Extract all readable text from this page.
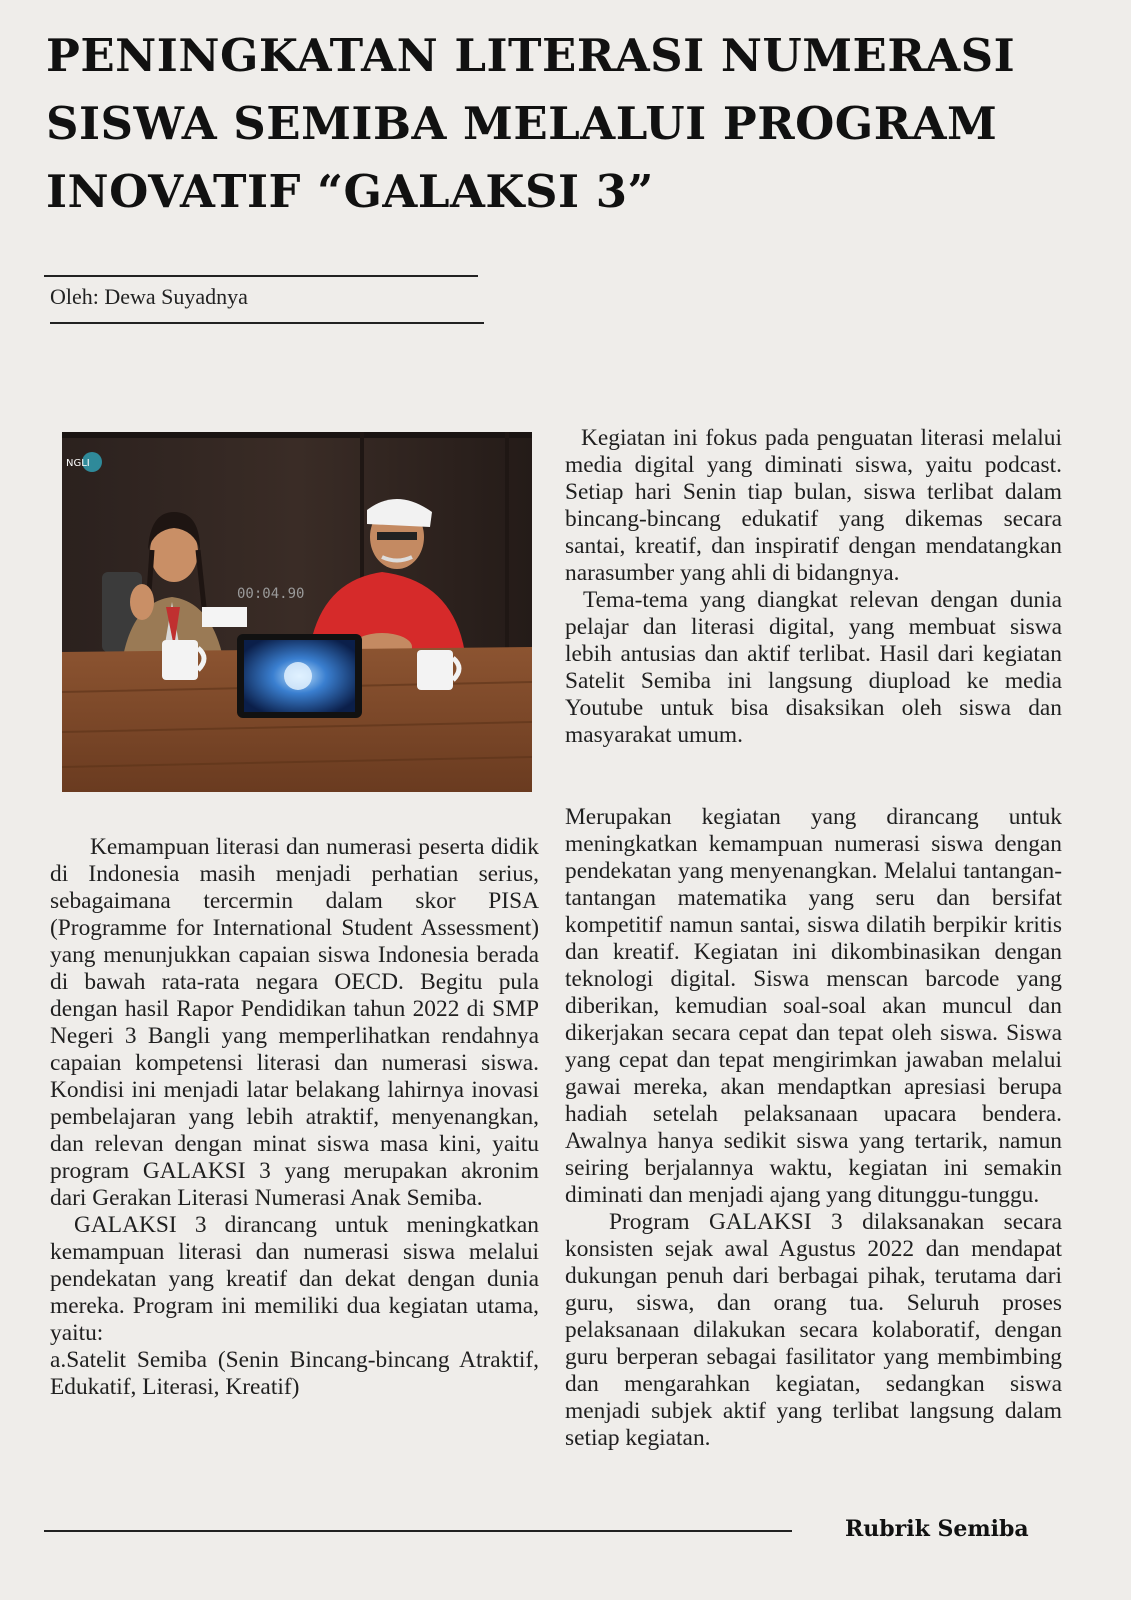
PENINGKATAN LITERASI NUMERASI
SISWA SEMIBA MELALUI PROGRAM
INOVATIF “GALAKSI 3”
Oleh: Dewa Suyadnya
NGLI
00:04.90

Kemampuan literasi dan numerasi peserta didik di Indonesia masih menjadi perhatian serius, sebagaimana tercermin dalam skor PISA (Programme for International Student Assessment) yang menunjukkan capaian siswa Indonesia berada di bawah rata-rata negara OECD. Begitu pula dengan hasil Rapor Pendidikan tahun 2022 di SMP Negeri 3 Bangli yang memperlihatkan rendahnya capaian kompetensi literasi dan numerasi siswa. Kondisi ini menjadi latar belakang lahirnya inovasi pembelajaran yang lebih atraktif, menyenangkan, dan relevan dengan minat siswa masa kini, yaitu program GALAKSI 3 yang merupakan akronim dari Gerakan Literasi Numerasi Anak Semiba.

GALAKSI 3 dirancang untuk meningkatkan kemampuan literasi dan numerasi siswa melalui pendekatan yang kreatif dan dekat dengan dunia mereka. Program ini memiliki dua kegiatan utama, yaitu:

a.Satelit Semiba (Senin Bincang-bincang Atraktif, Edukatif, Literasi, Kreatif)

Kegiatan ini fokus pada penguatan literasi melalui media digital yang diminati siswa, yaitu podcast. Setiap hari Senin tiap bulan, siswa terlibat dalam bincang-bincang edukatif yang dikemas secara santai, kreatif, dan inspiratif dengan mendatangkan narasumber yang ahli di bidangnya.

Tema-tema yang diangkat relevan dengan dunia pelajar dan literasi digital, yang membuat siswa lebih antusias dan aktif terlibat. Hasil dari kegiatan Satelit Semiba ini langsung diupload ke media Youtube untuk bisa disaksikan oleh siswa dan masyarakat umum.

Merupakan kegiatan yang dirancang untuk meningkatkan kemampuan numerasi siswa dengan pendekatan yang menyenangkan. Melalui tantangan-tantangan matematika yang seru dan bersifat kompetitif namun santai, siswa dilatih berpikir kritis dan kreatif. Kegiatan ini dikombinasikan dengan teknologi digital. Siswa menscan barcode yang diberikan, kemudian soal-soal akan muncul dan dikerjakan secara cepat dan tepat oleh siswa. Siswa yang cepat dan tepat mengirimkan jawaban melalui gawai mereka, akan mendaptkan apresiasi berupa hadiah setelah pelaksanaan upacara bendera. Awalnya hanya sedikit siswa yang tertarik, namun seiring berjalannya waktu, kegiatan ini semakin diminati dan menjadi ajang yang ditunggu-tunggu.

Program GALAKSI 3 dilaksanakan secara konsisten sejak awal Agustus 2022 dan mendapat dukungan penuh dari berbagai pihak, terutama dari guru, siswa, dan orang tua. Seluruh proses pelaksanaan dilakukan secara kolaboratif, dengan guru berperan sebagai fasilitator yang membimbing dan mengarahkan kegiatan, sedangkan siswa menjadi subjek aktif yang terlibat langsung dalam setiap kegiatan.

Rubrik Semiba
